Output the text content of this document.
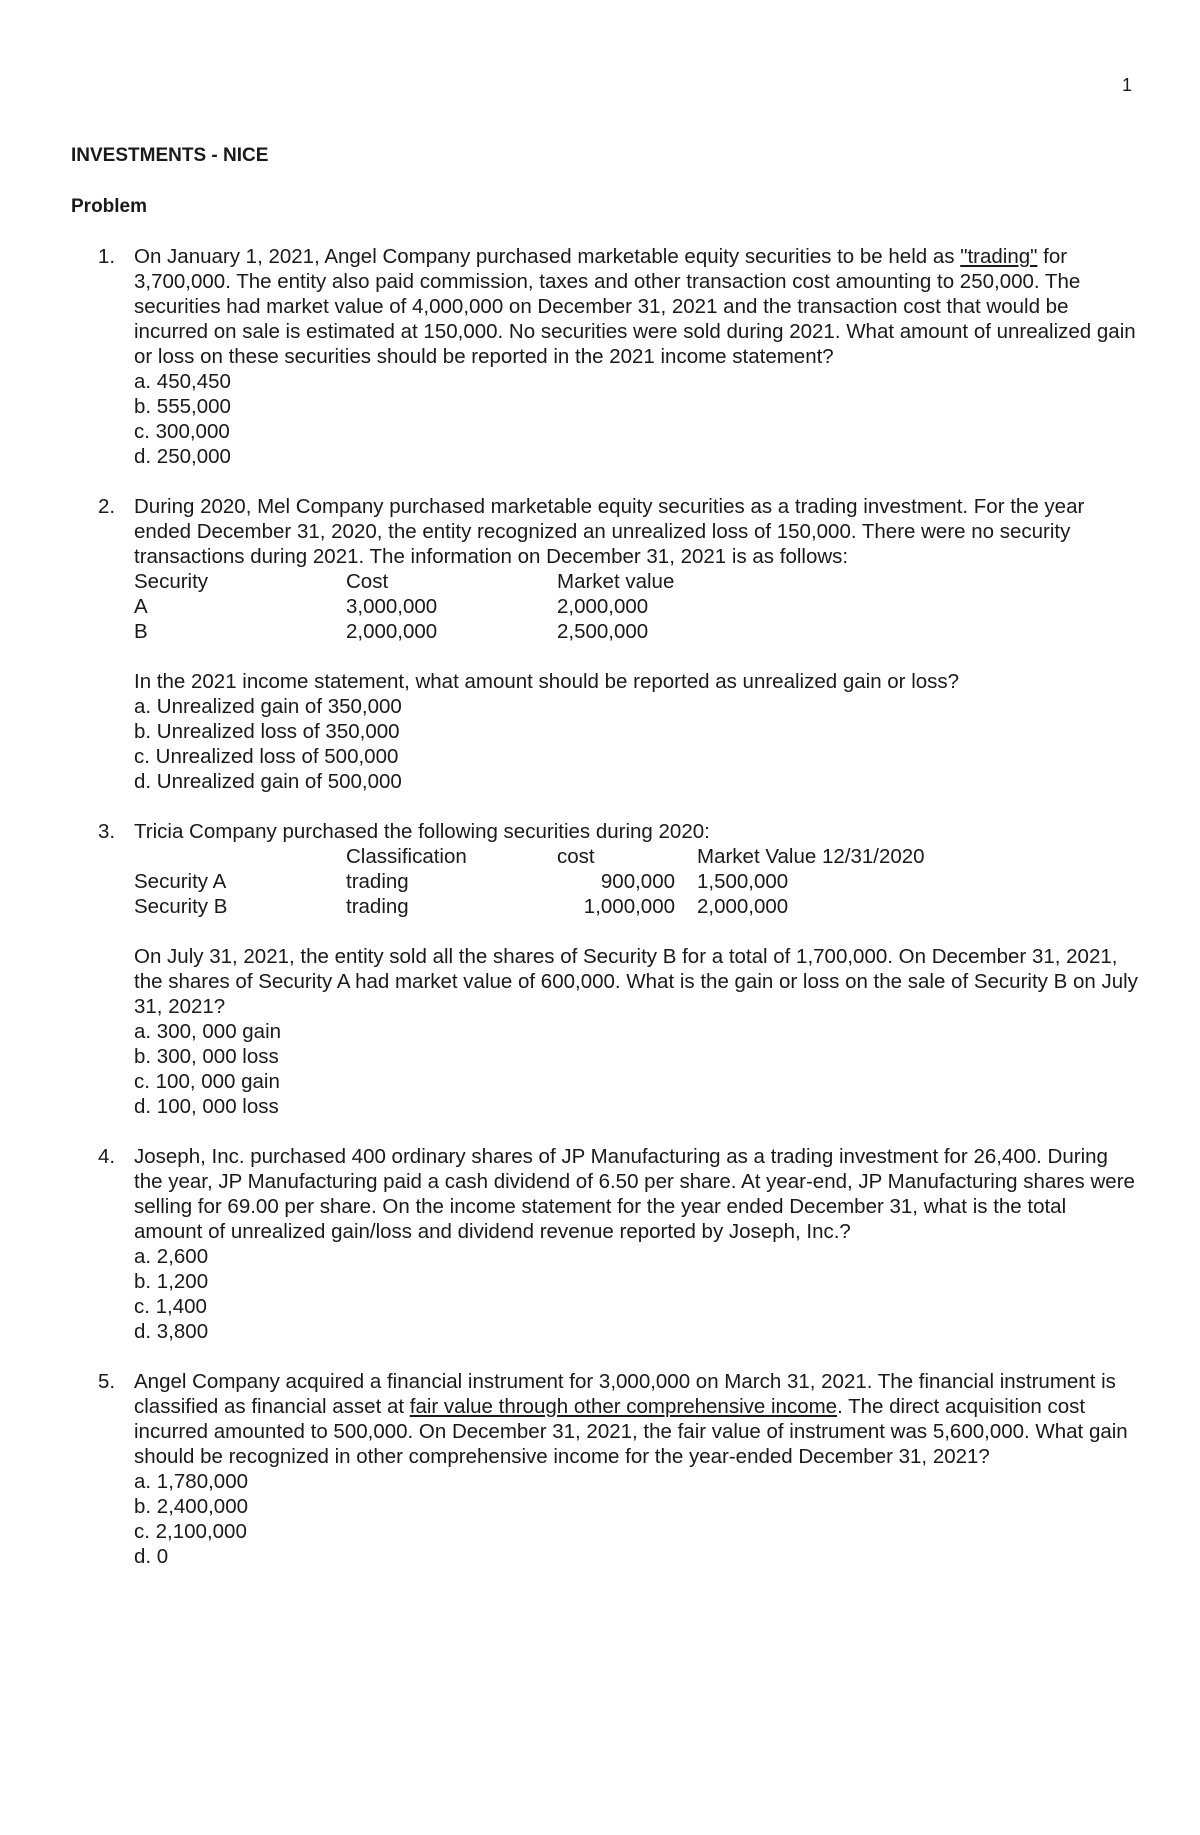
1
INVESTMENTS - NICE
Problem
1. On January 1, 2021, Angel Company purchased marketable equity securities to be held as "trading" for 3,700,000. The entity also paid commission, taxes and other transaction cost amounting to 250,000. The securities had market value of 4,000,000 on December 31, 2021 and the transaction cost that would be incurred on sale is estimated at 150,000. No securities were sold during 2021. What amount of unrealized gain or loss on these securities should be reported in the 2021 income statement?

a. 450,450
b. 555,000
c. 300,000
d. 250,000
2. During 2020, Mel Company purchased marketable equity securities as a trading investment. For the year ended December 31, 2020, the entity recognized an unrealized loss of 150,000. There were no security transactions during 2021. The information on December 31, 2021 is as follows:

Security	Cost	Market value
A	3,000,000	2,000,000
B	2,000,000	2,500,000

In the 2021 income statement, what amount should be reported as unrealized gain or loss?

a. Unrealized gain of 350,000
b. Unrealized loss of 350,000
c. Unrealized loss of 500,000
d. Unrealized gain of 500,000
3. Tricia Company purchased the following securities during 2020:

	Classification	cost	Market Value 12/31/2020
Security A	trading	900,000	1,500,000
Security B	trading	1,000,000	2,000,000

On July 31, 2021, the entity sold all the shares of Security B for a total of 1,700,000. On December 31, 2021, the shares of Security A had market value of 600,000. What is the gain or loss on the sale of Security B on July 31, 2021?

a. 300, 000 gain
b. 300, 000 loss
c. 100, 000 gain
d. 100, 000 loss
4. Joseph, Inc. purchased 400 ordinary shares of JP Manufacturing as a trading investment for 26,400. During the year, JP Manufacturing paid a cash dividend of 6.50 per share. At year-end, JP Manufacturing shares were selling for 69.00 per share. On the income statement for the year ended December 31, what is the total amount of unrealized gain/loss and dividend revenue reported by Joseph, Inc.?

a. 2,600
b. 1,200
c. 1,400
d. 3,800
5. Angel Company acquired a financial instrument for 3,000,000 on March 31, 2021. The financial instrument is classified as financial asset at fair value through other comprehensive income. The direct acquisition cost incurred amounted to 500,000. On December 31, 2021, the fair value of instrument was 5,600,000. What gain should be recognized in other comprehensive income for the year-ended December 31, 2021?

a. 1,780,000
b. 2,400,000
c. 2,100,000
d. 0
